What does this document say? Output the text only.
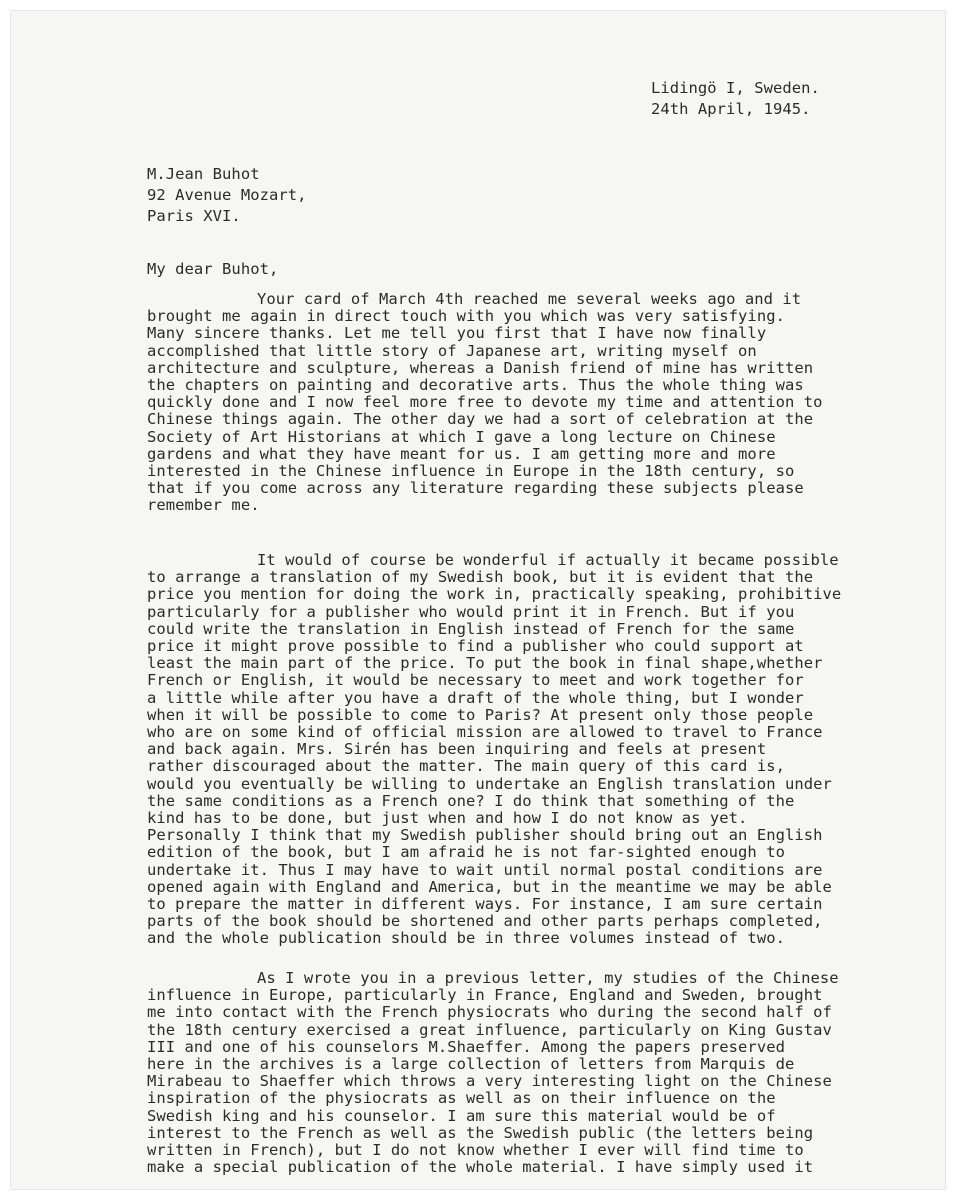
Lidingö I, Sweden.
24th April, 1945.
M.Jean Buhot
92 Avenue Mozart,
Paris XVI.
My dear Buhot,
Your card of March 4th reached me several weeks ago and it
brought me again in direct touch with you which was very satisfying.
Many sincere thanks. Let me tell you first that I have now finally
accomplished that little story of Japanese art, writing myself on
architecture and sculpture, whereas a Danish friend of mine has written
the chapters on painting and decorative arts. Thus the whole thing was
quickly done and I now feel more free to devote my time and attention to
Chinese things again. The other day we had a sort of celebration at the
Society of Art Historians at which I gave a long lecture on Chinese
gardens and what they have meant for us. I am getting more and more
interested in the Chinese influence in Europe in the 18th century, so
that if you come across any literature regarding these subjects please
remember me.
It would of course be wonderful if actually it became possible
to arrange a translation of my Swedish book, but it is evident that the
price you mention for doing the work in, practically speaking, prohibitive
particularly for a publisher who would print it in French. But if you
could write the translation in English instead of French for the same
price it might prove possible to find a publisher who could support at
least the main part of the price. To put the book in final shape,whether
French or English, it would be necessary to meet and work together for
a little while after you have a draft of the whole thing, but I wonder
when it will be possible to come to Paris? At present only those people
who are on some kind of official mission are allowed to travel to France
and back again. Mrs. Sirén has been inquiring and feels at present
rather discouraged about the matter. The main query of this card is,
would you eventually be willing to undertake an English translation under
the same conditions as a French one? I do think that something of the
kind has to be done, but just when and how I do not know as yet.
Personally I think that my Swedish publisher should bring out an English
edition of the book, but I am afraid he is not far-sighted enough to
undertake it. Thus I may have to wait until normal postal conditions are
opened again with England and America, but in the meantime we may be able
to prepare the matter in different ways. For instance, I am sure certain
parts of the book should be shortened and other parts perhaps completed,
and the whole publication should be in three volumes instead of two.
As I wrote you in a previous letter, my studies of the Chinese
influence in Europe, particularly in France, England and Sweden, brought
me into contact with the French physiocrats who during the second half of
the 18th century exercised a great influence, particularly on King Gustav
III and one of his counselors M.Shaeffer. Among the papers preserved
here in the archives is a large collection of letters from Marquis de
Mirabeau to Shaeffer which throws a very interesting light on the Chinese
inspiration of the physiocrats as well as on their influence on the
Swedish king and his counselor. I am sure this material would be of
interest to the French as well as the Swedish public (the letters being
written in French), but I do not know whether I ever will find time to
make a special publication of the whole material. I have simply used it
